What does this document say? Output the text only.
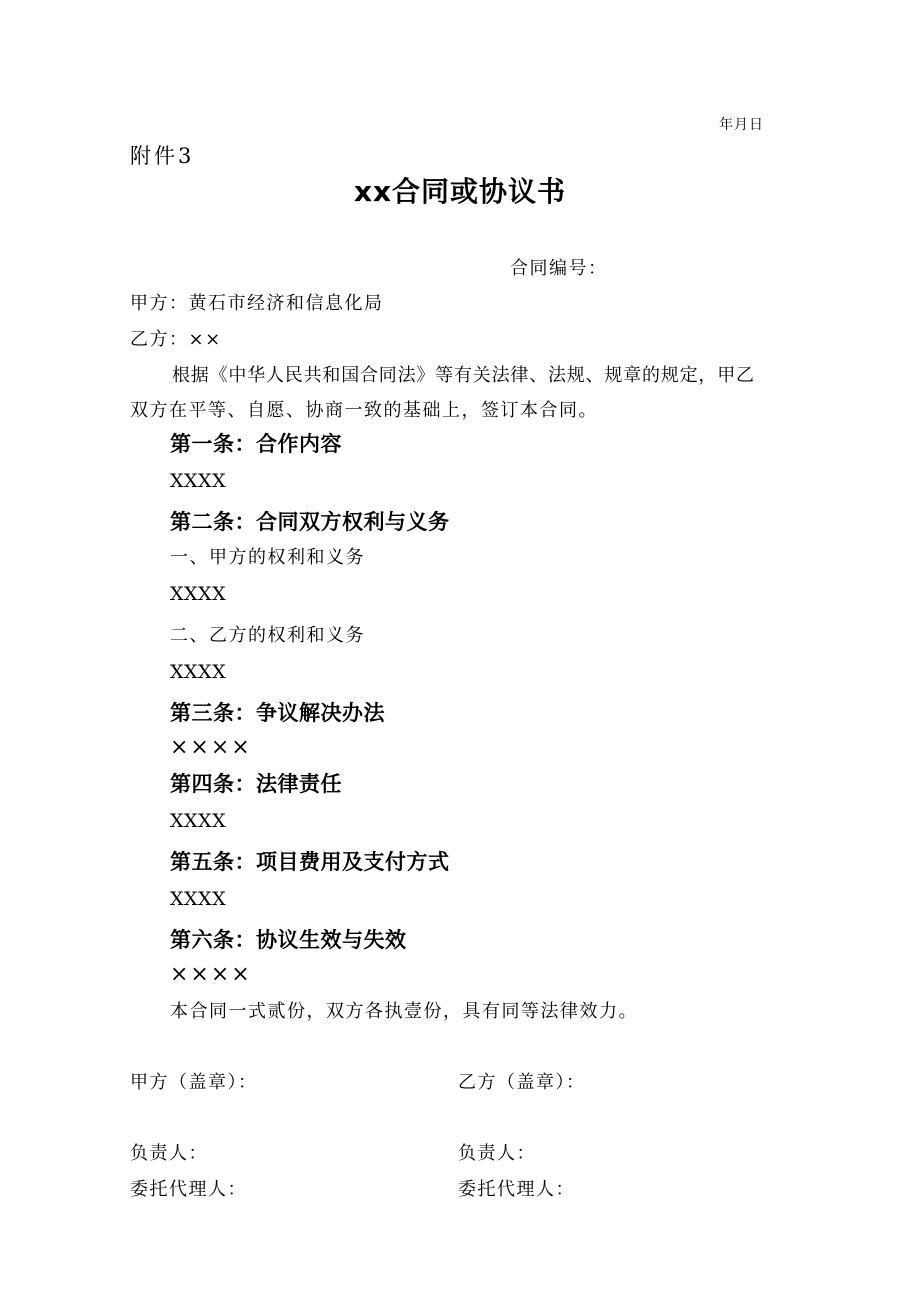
年月日
附件3
xx合同或协议书
合同编号：
甲方：黄石市经济和信息化局
乙方：××
根据《中华人民共和国合同法》等有关法律、法规、规章的规定，甲乙
双方在平等、自愿、协商一致的基础上，签订本合同。
第一条：合作内容
XXXX
第二条：合同双方权利与义务
一、甲方的权利和义务
XXXX
二、乙方的权利和义务
XXXX
第三条：争议解决办法
××××
第四条：法律责任
XXXX
第五条：项目费用及支付方式
XXXX
第六条：协议生效与失效
××××
本合同一式贰份，双方各执壹份，具有同等法律效力。
甲方（盖章）：	乙方（盖章）：
负责人：	负责人：
委托代理人：	委托代理人：
